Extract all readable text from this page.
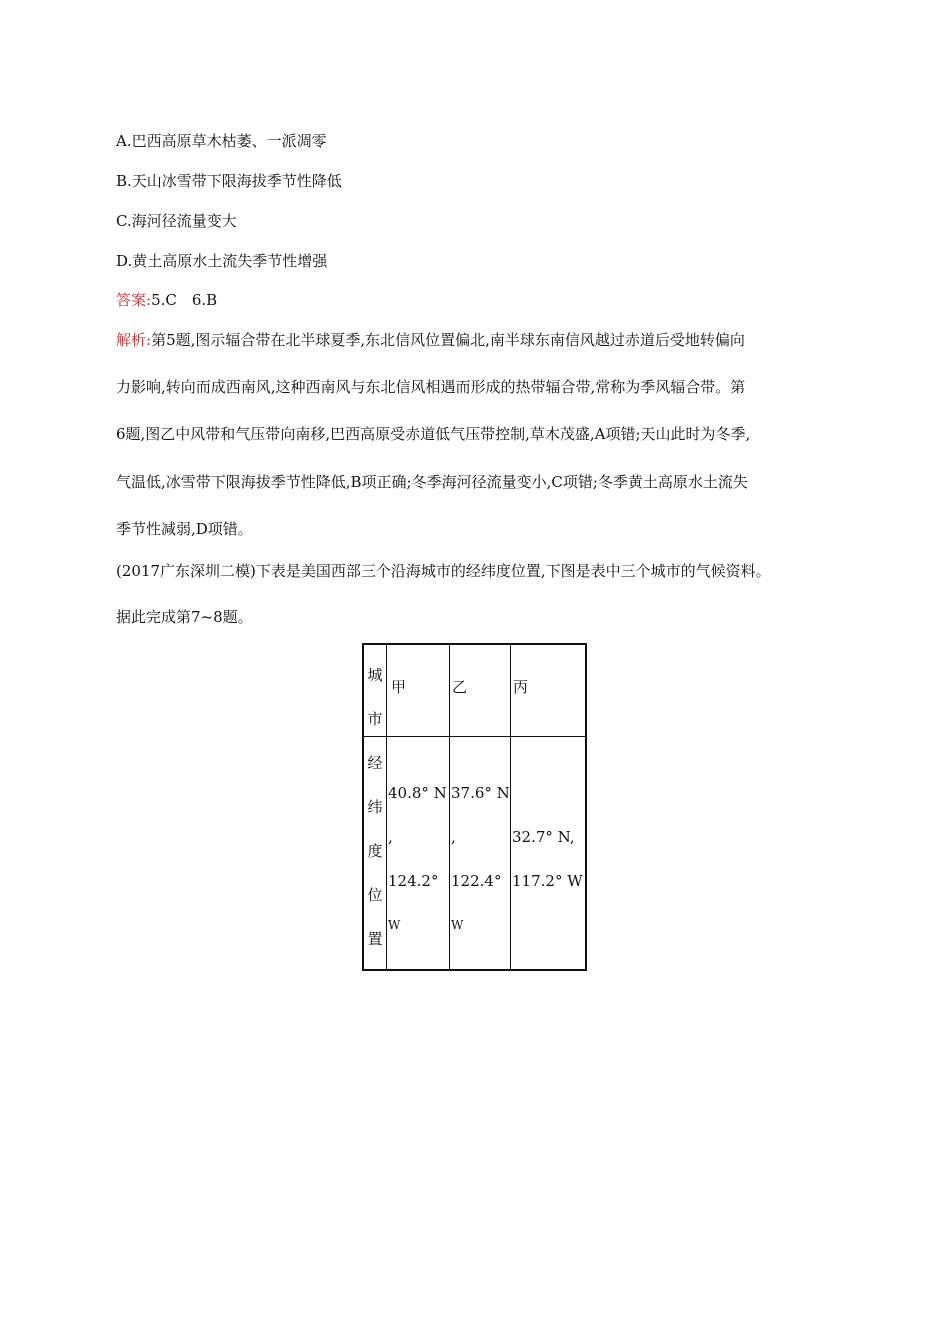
A.巴西高原草木枯萎、一派凋零
B.天山冰雪带下限海拔季节性降低
C.海河径流量变大
D.黄土高原水土流失季节性增强
答案:5.C　6.B
解析:第5题,图示辐合带在北半球夏季,东北信风位置偏北,南半球东南信风越过赤道后受地转偏向
力影响,转向而成西南风,这种西南风与东北信风相遇而形成的热带辐合带,常称为季风辐合带。第
6题,图乙中风带和气压带向南移,巴西高原受赤道低气压带控制,草木茂盛,A项错;天山此时为冬季,
气温低,冰雪带下限海拔季节性降低,B项正确;冬季海河径流量变小,C项错;冬季黄土高原水土流失
季节性减弱,D项错。
(2017广东深圳二模)下表是美国西部三个沿海城市的经纬度位置,下图是表中三个城市的气候资料。
据此完成第7~8题。
城
市
甲	乙	丙
经
纬
度
位
置
40.8° N
,
124.2°
W
37.6° N
,
122.4°
W
32.7° N,
117.2° W
